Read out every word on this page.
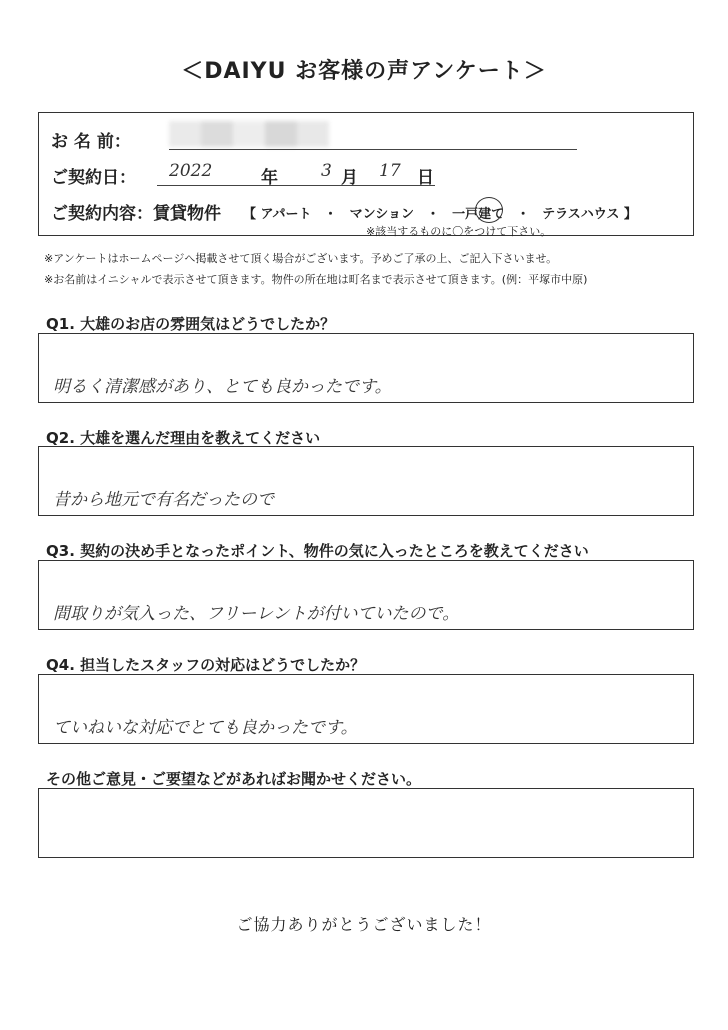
＜DAIYU お客様の声アンケート＞
お 名 前：
ご契約日： 2022	年	3 月 17 日
ご契約内容：賃貸物件	【 アパート ・ マンション ・ 一戸建て ・ テラスハウス 】
※該当するものに〇をつけて下さい。
※アンケートはホームページへ掲載させて頂く場合がございます。予めご了承の上、ご記入下さいませ。
※お名前はイニシャルで表示させて頂きます。物件の所在地は町名まで表示させて頂きます。(例：平塚市中原)
Q1. 大雄のお店の雰囲気はどうでしたか？
明るく清潔感があり、とても良かったです。
Q2. 大雄を選んだ理由を教えてください
昔から地元で有名だったので
Q3. 契約の決め手となったポイント、物件の気に入ったところを教えてください
間取りが気入った、フリーレントが付いていたので。
Q4. 担当したスタッフの対応はどうでしたか？
ていねいな対応でとても良かったです。
その他ご意見・ご要望などがあればお聞かせください。
ご協力ありがとうございました！
